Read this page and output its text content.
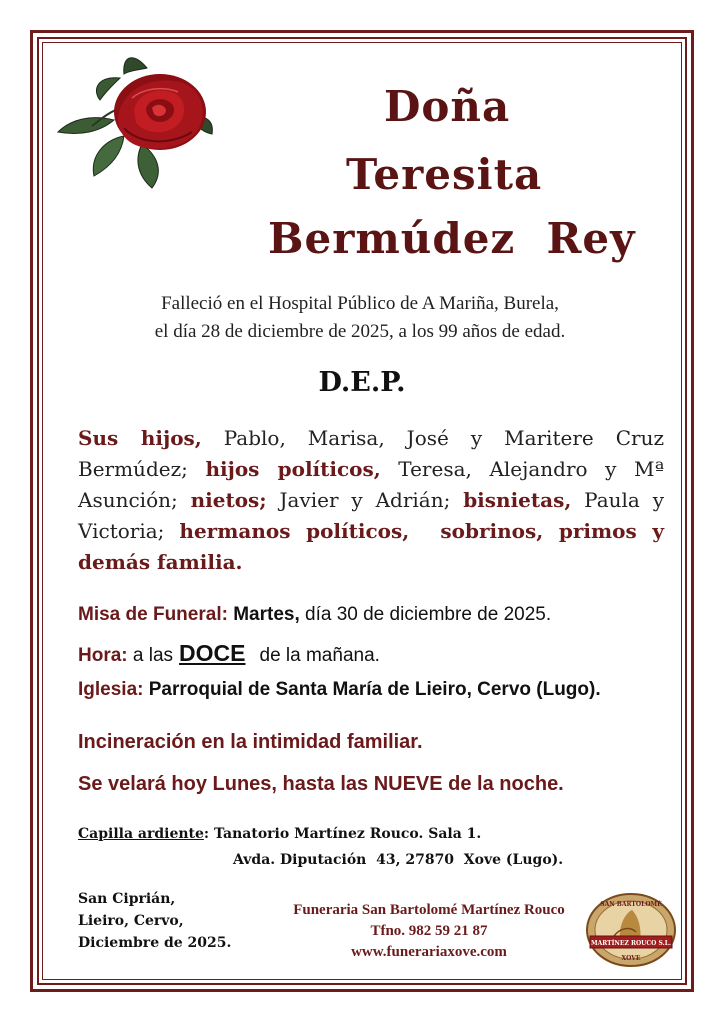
Doña
Teresita
Bermúdez  Rey
Falleció en el Hospital Público de A Mariña, Burela,
el día 28 de diciembre de 2025, a los 99 años de edad.
D.E.P.
Sus hijos, Pablo, Marisa, José y Maritere Cruz Bermúdez; hijos políticos, Teresa, Alejandro y Mª Asunción; nietos; Javier y Adrián; bisnietas, Paula y Victoria; hermanos políticos,  sobrinos, primos y demás familia.
Misa de Funeral: Martes, día 30 de diciembre de 2025.
Hora: a las DOCE de la mañana.
Iglesia: Parroquial de Santa María de Lieiro, Cervo (Lugo).
Incineración en la intimidad familiar.
Se velará hoy Lunes, hasta las NUEVE de la noche.
Capilla ardiente: Tanatorio Martínez Rouco. Sala 1.
Avda. Diputación  43, 27870  Xove (Lugo).
San Ciprián,
Lieiro, Cervo,
Diciembre de 2025.
Funeraria San Bartolomé Martínez Rouco
Tfno. 982 59 21 87
www.funerariaxove.com
SAN BARTOLOMÉ
MARTÍNEZ ROUCO S.L.
XOVE
